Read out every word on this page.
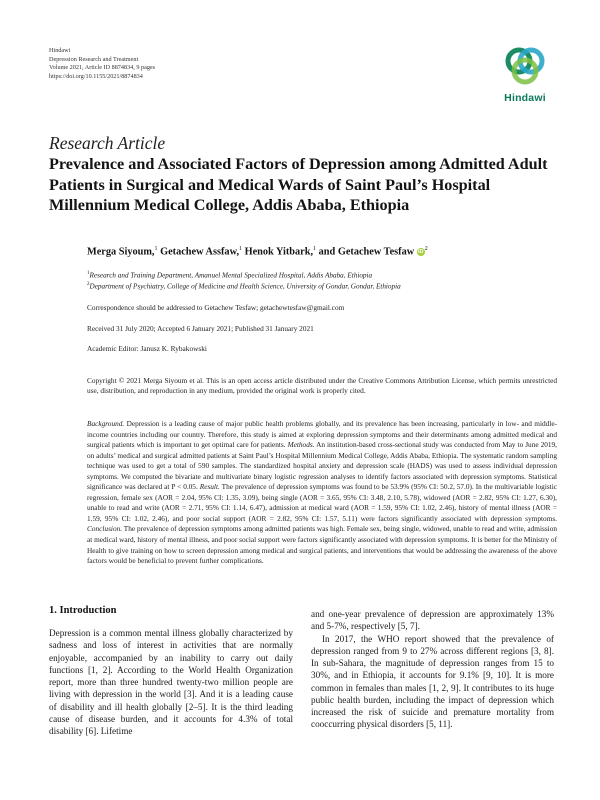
Hindawi
Depression Research and Treatment
Volume 2021, Article ID 8874834, 9 pages
https://doi.org/10.1155/2021/8874834
Hindawi
Research Article
Prevalence and Associated Factors of Depression among Admitted Adult Patients in Surgical and Medical Wards of Saint Paul’s Hospital Millennium Medical College, Addis Ababa, Ethiopia
Merga Siyoum,$^1$ Getachew Assfaw,$^1$ Henok Yitbark,$^1$ and Getachew Tesfaw $iD^2$
$^1$Research and Training Department, Amanuel Mental Specialized Hospital, Addis Ababa, Ethiopia
$^2$Department of Psychiatry, College of Medicine and Health Science, University of Gondar, Gondar, Ethiopia
Correspondence should be addressed to Getachew Tesfaw; getachewtesfaw@gmail.com
Received 31 July 2020; Accepted 6 January 2021; Published 31 January 2021
Academic Editor: Janusz K. Rybakowski
Copyright © 2021 Merga Siyoum et al. This is an open access article distributed under the Creative Commons Attribution License, which permits unrestricted use, distribution, and reproduction in any medium, provided the original work is properly cited.
Background. Depression is a leading cause of major public health problems globally, and its prevalence has been increasing, particularly in low- and middle-income countries including our country. Therefore, this study is aimed at exploring depression symptoms and their determinants among admitted medical and surgical patients which is important to get optimal care for patients. Methods. An institution-based cross-sectional study was conducted from May to June 2019, on adults’ medical and surgical admitted patients at Saint Paul’s Hospital Millennium Medical College, Addis Ababa, Ethiopia. The systematic random sampling technique was used to get a total of 590 samples. The standardized hospital anxiety and depression scale (HADS) was used to assess individual depression symptoms. We computed the bivariate and multivariate binary logistic regression analyses to identify factors associated with depression symptoms. Statistical significance was declared at P < 0.05. Result. The prevalence of depression symptoms was found to be 53.9% (95% CI: 50.2, 57.0). In the multivariable logistic regression, female sex (AOR = 2.04, 95% CI: 1.35, 3.09), being single (AOR = 3.65, 95% CI: 3.48, 2.10, 5.78), widowed (AOR = 2.82, 95% CI: 1.27, 6.30), unable to read and write (AOR = 2.71, 95% CI: 1.14, 6.47), admission at medical ward (AOR = 1.59, 95% CI: 1.02, 2.46), history of mental illness (AOR = 1.59, 95% CI: 1.02, 2.46), and poor social support (AOR = 2.82, 95% CI: 1.57, 5.11) were factors significantly associated with depression symptoms. Conclusion. The prevalence of depression symptoms among admitted patients was high. Female sex, being single, widowed, unable to read and write, admission at medical ward, history of mental illness, and poor social support were factors significantly associated with depression symptoms. It is better for the Ministry of Health to give training on how to screen depression among medical and surgical patients, and interventions that would be addressing the awareness of the above factors would be beneficial to prevent further complications.
1. Introduction

Depression is a common mental illness globally characterized by sadness and loss of interest in activities that are normally enjoyable, accompanied by an inability to carry out daily functions [1, 2]. According to the World Health Organization report, more than three hundred twenty-two million people are living with depression in the world [3]. And it is a leading cause of disability and ill health globally [2–5]. It is the third leading cause of disease burden, and it accounts for 4.3% of total disability [6]. Lifetime

and one-year prevalence of depression are approximately 13% and 5-7%, respectively [5, 7].

In 2017, the WHO report showed that the prevalence of depression ranged from 9 to 27% across different regions [3, 8]. In sub-Sahara, the magnitude of depression ranges from 15 to 30%, and in Ethiopia, it accounts for 9.1% [9, 10]. It is more common in females than males [1, 2, 9]. It contributes to its huge public health burden, including the impact of depression which increased the risk of suicide and premature mortality from cooccurring physical disorders [5, 11].
